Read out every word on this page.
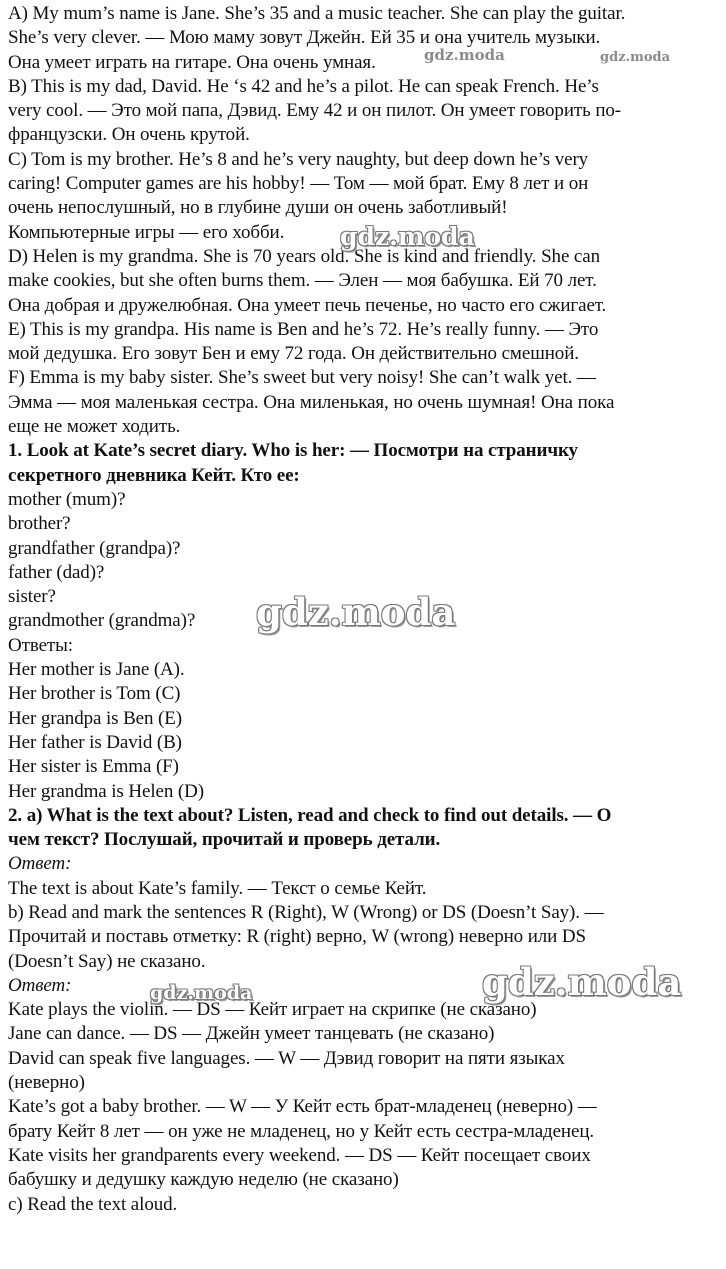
A) My mum’s name is Jane. She’s 35 and a music teacher. She can play the guitar.
She’s very clever. — Мою маму зовут Джейн. Ей 35 и она учитель музыки.
Она умеет играть на гитаре. Она очень умная.
B) This is my dad, David. He ‘s 42 and he’s a pilot. He can speak French. He’s
very cool. — Это мой папа, Дэвид. Ему 42 и он пилот. Он умеет говорить по-
французски. Он очень крутой.
C) Tom is my brother. He’s 8 and he’s very naughty, but deep down he’s very
caring! Computer games are his hobby! — Том — мой брат. Ему 8 лет и он
очень непослушный, но в глубине души он очень заботливый!
Компьютерные игры — его хобби.
D) Helen is my grandma. She is 70 years old. She is kind and friendly. She can
make cookies, but she often burns them. — Элен — моя бабушка. Ей 70 лет.
Она добрая и дружелюбная. Она умеет печь печенье, но часто его сжигает.
E) This is my grandpa. His name is Ben and he’s 72. He’s really funny. — Это
мой дедушка. Его зовут Бен и ему 72 года. Он действительно смешной.
F) Emma is my baby sister. She’s sweet but very noisy! She can’t walk yet. —
Эмма — моя маленькая сестра. Она миленькая, но очень шумная! Она пока
еще не может ходить.
1. Look at Kate’s secret diary. Who is her: — Посмотри на страничку
секретного дневника Кейт. Кто ее:
mother (mum)?
brother?
grandfather (grandpa)?
father (dad)?
sister?
grandmother (grandma)?
Ответы:
Her mother is Jane (A).
Her brother is Tom (C)
Her grandpa is Ben (E)
Her father is David (B)
Her sister is Emma (F)
Her grandma is Helen (D)
2. a) What is the text about? Listen, read and check to find out details. — О
чем текст? Послушай, прочитай и проверь детали.
Ответ:
The text is about Kate’s family. — Текст о семье Кейт.
b) Read and mark the sentences R (Right), W (Wrong) or DS (Doesn’t Say). —
Прочитай и поставь отметку: R (right) верно, W (wrong) неверно или DS
(Doesn’t Say) не сказано.
Ответ:
Kate plays the violin. — DS — Кейт играет на скрипке (не сказано)
Jane can dance. — DS — Джейн умеет танцевать (не сказано)
David can speak five languages. — W — Дэвид говорит на пяти языках
(неверно)
Kate’s got a baby brother. — W — У Кейт есть брат-младенец (неверно) —
брату Кейт 8 лет — он уже не младенец, но у Кейт есть сестра-младенец.
Kate visits her grandparents every weekend. — DS — Кейт посещает своих
бабушку и дедушку каждую неделю (не сказано)
c) Read the text aloud.
gdz.moda	gdz.moda
gdz.moda
gdz.moda
gdz.moda	gdz.moda
